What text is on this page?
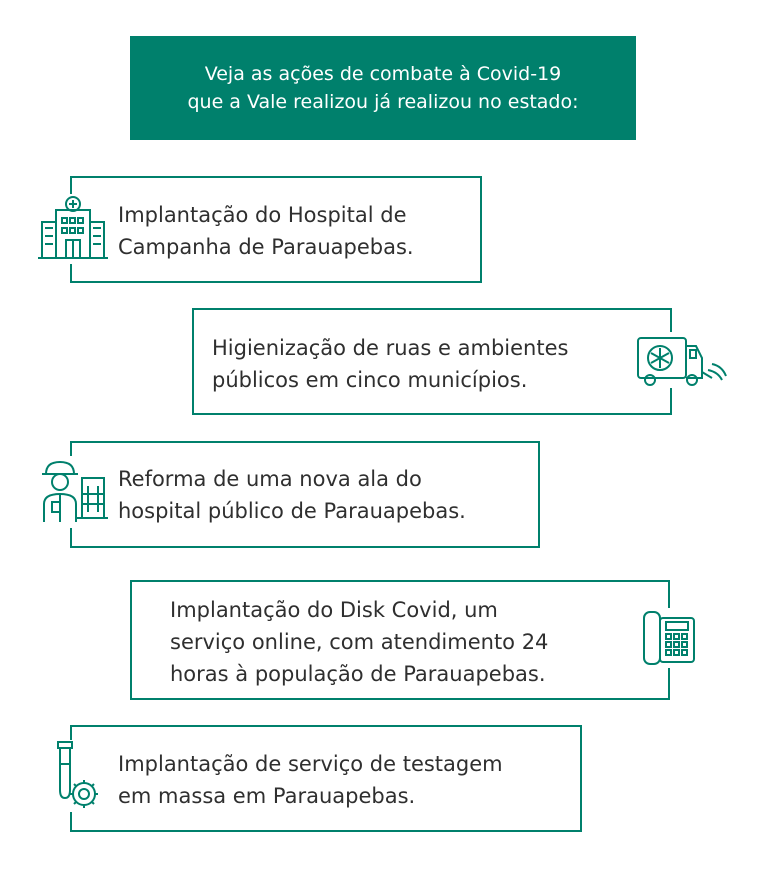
Veja as ações de combate à Covid-19
que a Vale realizou já realizou no estado:
Implantação do Hospital de
Campanha de Parauapebas.
Higienização de ruas e ambientes
públicos em cinco municípios.
Reforma de uma nova ala do
hospital público de Parauapebas.
Implantação do Disk Covid, um
serviço online, com atendimento 24
horas à população de Parauapebas.
Implantação de serviço de testagem
em massa em Parauapebas.
